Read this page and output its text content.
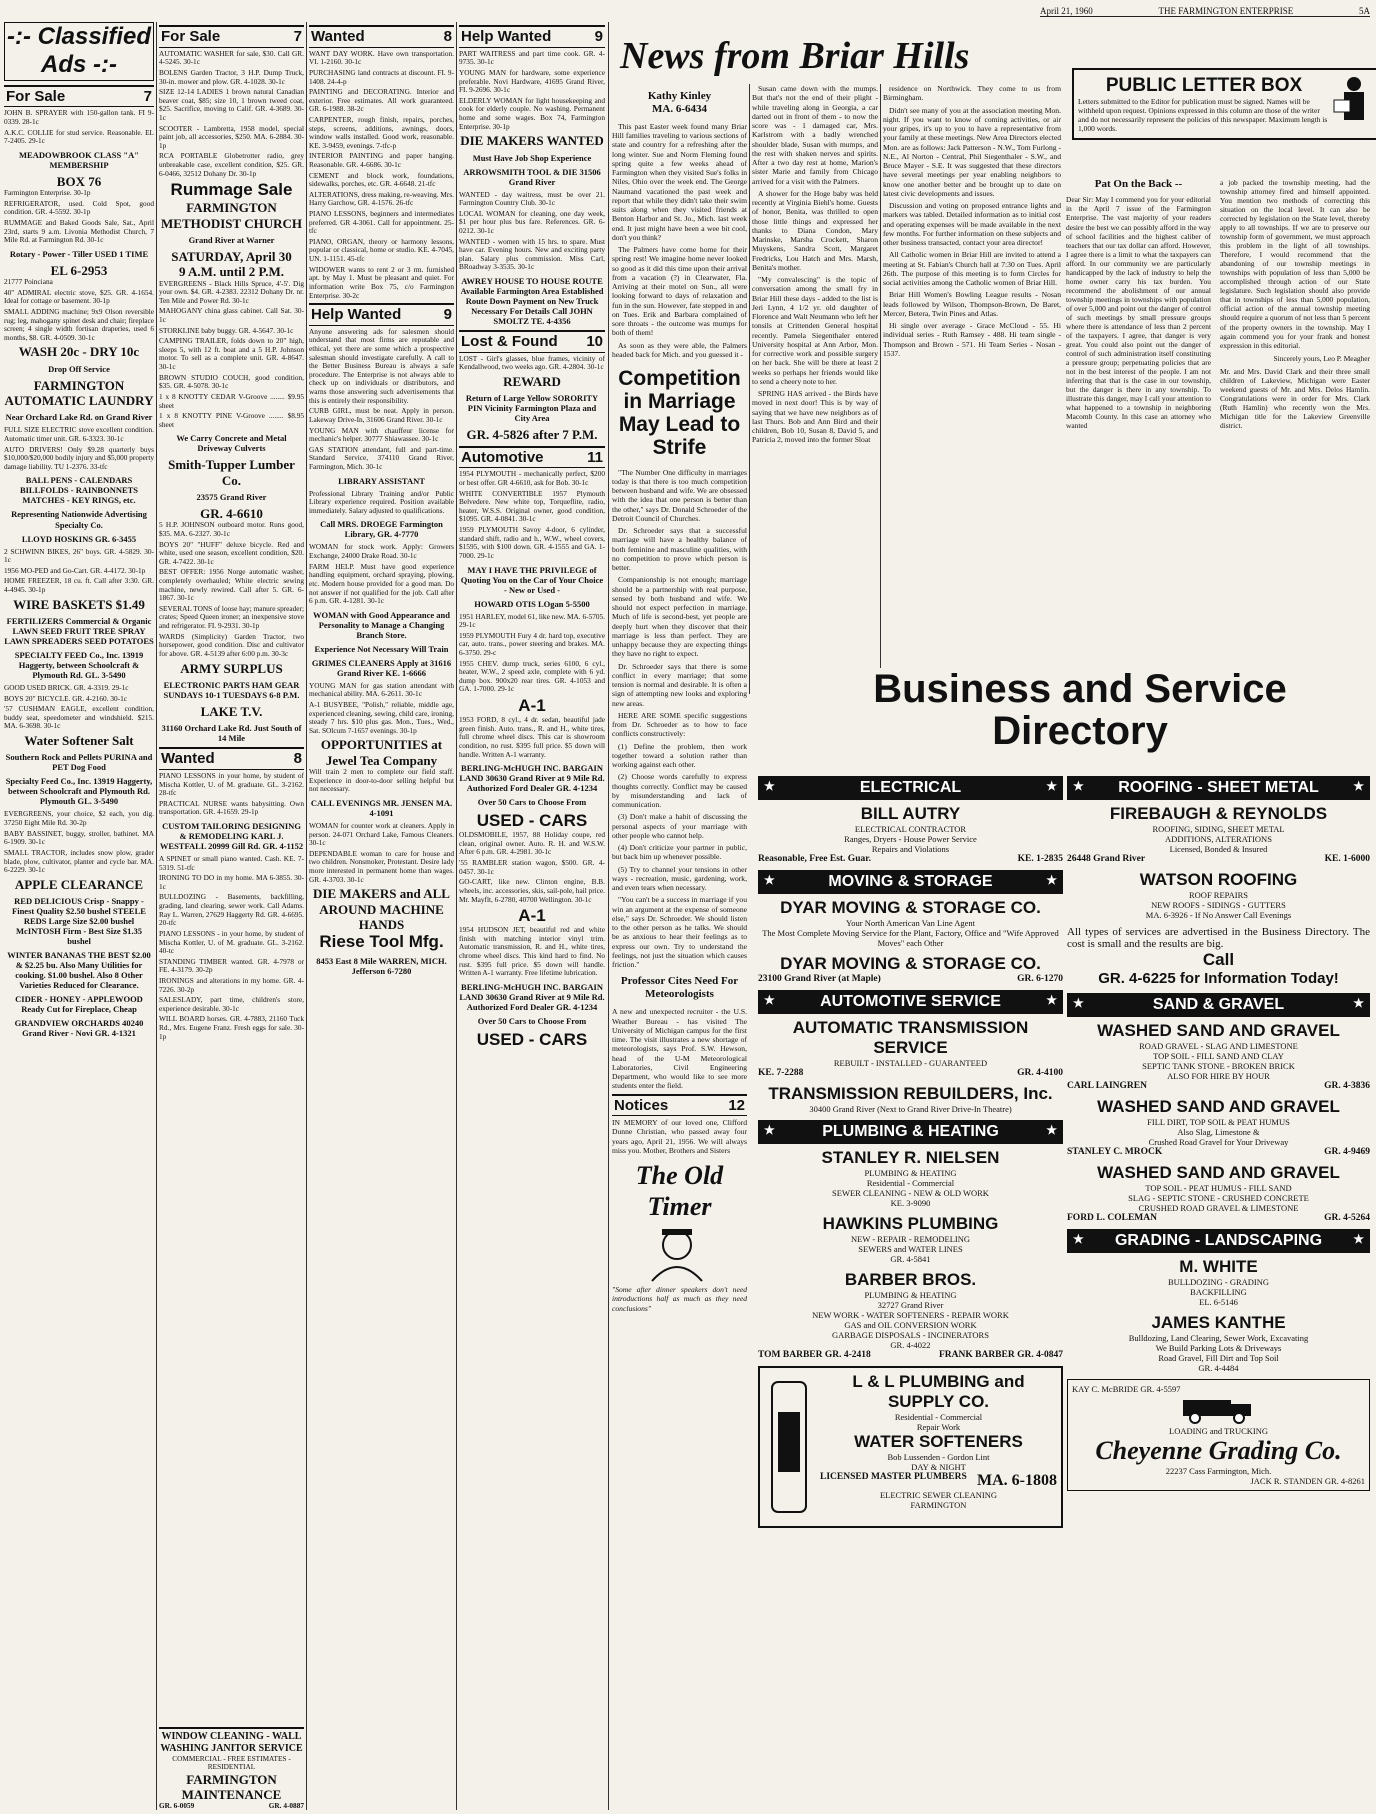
April 21, 1960	THE FARMINGTON ENTERPRISE	5A
-:- Classified Ads -:-
For Sale	7
JOHN B. SPRAYER with 150-gallon tank. FI 9-0339. 28-1c
A.K.C. COLLIE for stud service. Reasonable. EL 7-2405. 29-1c
MEADOWBROOK CLASS "A" MEMBERSHIP
BOX 76
Farmington Enterprise. 30-1p
REFRIGERATOR, used. Cold Spot, good condition. GR. 4-5592. 30-1p
RUMMAGE and Baked Goods Sale, Sat., April 23rd, starts 9 a.m. Livonia Methodist Church, 7 Mile Rd. at Farmington Rd. 30-1c
Rotary - Power - Tiller USED 1 TIME
EL 6-2953
21777 Poinciana
40" ADMIRAL electric stove, $25. GR. 4-1654. Ideal for cottage or basement. 30-1p
SMALL ADDING machine; 9x9 Olson reversible rug; leg, mahogany spinet desk and chair; fireplace screen; 4 single width fortisan draperies, used 6 months, $8. GR. 4-0509. 30-1c
WASH 20c - DRY 10c
Drop Off Service
FARMINGTON AUTOMATIC LAUNDRY
Near Orchard Lake Rd. on Grand River
FULL SIZE ELECTRIC stove excellent condition. Automatic timer unit. GR. 6-3323. 30-1c
AUTO DRIVERS! Only $9.28 quarterly buys $10,000/$20,000 bodily injury and $5,000 property damage liability. TU 1-2376. 33-tfc
BALL PENS - CALENDARS BILLFOLDS - RAINBONNETS MATCHES - KEY RINGS, etc.
Representing Nationwide Advertising Specialty Co.
LLOYD HOSKINS GR. 6-3455
2 SCHWINN BIKES, 26" boys. GR. 4-5829. 30-1c
1956 MO-PED and Go-Cart. GR. 4-4172. 30-1p
HOME FREEZER, 18 cu. ft. Call after 3:30. GR. 4-4945. 30-1p
WIRE BASKETS $1.49
FERTILIZERS Commercial & Organic LAWN SEED FRUIT TREE SPRAY LAWN SPREADERS SEED POTATOES
SPECIALTY FEED Co., Inc. 13919 Haggerty, between Schoolcraft & Plymouth Rd. GL. 3-5490
GOOD USED BRICK. GR. 4-3319. 29-1c
BOYS 20" BICYCLE. GR. 4-2160. 30-1c
'57 CUSHMAN EAGLE, excellent condition, buddy seat, speedometer and windshield. $215. MA. 6-3698. 30-1c
Water Softener Salt
Southern Rock and Pellets PURINA and PET Dog Food
Specialty Feed Co., Inc. 13919 Haggerty, between Schoolcraft and Plymouth Rd. Plymouth GL. 3-5490
EVERGREENS, your choice, $2 each, you dig. 37250 Eight Mile Rd. 30-2p
BABY BASSINET, buggy, stroller, bathinet. MA 6-1909. 30-1c
SMALL TRACTOR, includes snow plow, grader blade, plow, cultivator, planter and cycle bar. MA. 6-2229. 30-1c
APPLE CLEARANCE
RED DELICIOUS Crisp - Snappy - Finest Quality $2.50 bushel STEELE REDS Large Size $2.00 bushel McINTOSH Firm - Best Size $1.35 bushel
WINTER BANANAS THE BEST $2.00 & $2.25 bu. Also Many Utilities for cooking. $1.00 bushel. Also 8 Other Varieties Reduced for Clearance.
CIDER - HONEY - APPLEWOOD Ready Cut for Fireplace, Cheap
GRANDVIEW ORCHARDS 40240 Grand River - Novi GR. 4-1321
For Sale	7
AUTOMATIC WASHER for sale, $30. Call GR. 4-5245. 30-1c
BOLENS Garden Tractor, 3 H.P. Dump Truck, 30-in. mower and plow. GR. 4-1028. 30-1c
SIZE 12-14 LADIES 1 brown natural Canadian beaver coat, $85; size 10, 1 brown tweed coat, $25. Sacrifice, moving to Calif. GR. 4-3689. 30-1c
SCOOTER - Lambretta, 1958 model, special paint job, all accessories, $250. MA. 6-2884. 30-1p
RCA PORTABLE Globetrotter radio, grey unbreakable case, excellent condition, $25. GR. 6-0466, 32512 Dohany Dr. 30-1p
Rummage Sale
FARMINGTON METHODIST CHURCH
Grand River at Warner
SATURDAY, April 30
9 A.M. until 2 P.M.
EVERGREENS - Black Hills Spruce, 4'-5'. Dig your own. $4. GR. 4-2383. 22312 Dohany Dr. nr. Ten Mile and Power Rd. 30-1c
MAHOGANY china glass cabinet. Call Sat. 30-1c
STORKLINE baby buggy. GR. 4-5647. 30-1c
CAMPING TRAILER, folds down to 20" high, sleeps 5, with 12 ft. boat and a 5 H.P. Johnson motor. To sell as a complete unit. GR. 4-8647. 30-1c
BROWN STUDIO COUCH, good condition, $35. GR. 4-5078. 30-1c
1 x 8 KNOTTY CEDAR V-Groove ........ $9.95 sheet
1 x 8 KNOTTY PINE V-Groove ........ $8.95 sheet
We Carry Concrete and Metal Driveway Culverts
Smith-Tupper Lumber Co.
23575 Grand River
GR. 4-6610
5 H.P. JOHNSON outboard motor. Runs good, $35. MA. 6-2327. 30-1c
BOYS 20" "HUFF" deluxe bicycle. Red and white, used one season, excellent condition, $20. GR. 4-7422. 30-1c
BEST OFFER: 1956 Norge automatic washer, completely overhauled; White electric sewing machine, newly rewired. Call after 5. GR. 6-1867. 30-1c
SEVERAL TONS of loose hay; manure spreader; crates; Speed Queen ironer; an inexpensive stove and refrigerator. FI. 9-2931. 30-1p
WARDS (Simplicity) Garden Tractor, two horsepower, good condition. Disc and cultivator for above. GR. 4-5139 after 6:00 p.m. 30-3c
ARMY SURPLUS
ELECTRONIC PARTS HAM GEAR SUNDAYS 10-1 TUESDAYS 6-8 P.M.
LAKE T.V.
31160 Orchard Lake Rd. Just South of 14 Mile
Wanted	8
PIANO LESSONS in your home, by student of Mischa Kottler, U. of M. graduate. GL. 3-2162. 28-tfc
PRACTICAL NURSE wants babysitting. Own transportation. GR. 4-1659. 29-1p
CUSTOM TAILORING DESIGNING & REMODELING KARL J. WESTFALL 20999 Gill Rd. GR. 4-1152
A SPINET or small piano wanted. Cash. KE. 7-5319. 51-tfc
IRONING TO DO in my home. MA 6-3855. 30-1c
BULLDOZING - Basements, backfilling, grading, land clearing, sewer work. Call Adams. Ray L. Warren, 27629 Haggerty Rd. GR. 4-6695. 20-tfc
PIANO LESSONS - in your home, by student of Mischa Kottler, U. of M. graduate. GL. 3-2162. 40-tc
STANDING TIMBER wanted. GR. 4-7978 or FE. 4-3179. 30-2p
IRONINGS and alterations in my home. GR. 4-7226. 30-2p
SALESLADY, part time, children's store, experience desirable. 30-1c
WILL BOARD horses. GR. 4-7883, 21160 Tuck Rd., Mrs. Eugene Franz. Fresh eggs for sale. 30-1p
WINDOW CLEANING - WALL WASHING JANITOR SERVICE
COMMERCIAL - FREE ESTIMATES - RESIDENTIAL
FARMINGTON MAINTENANCE
GR. 6-0059	GR. 4-0887
Wanted	8
WANT DAY WORK. Have own transportation. VI. 1-2160. 30-1c
PURCHASING land contracts at discount. FI. 9-1408. 24-4-p
PAINTING and DECORATING. Interior and exterior. Free estimates. All work guaranteed. GR. 6-1988. 38-2c
CARPENTER, rough finish, repairs, porches, steps, screens, additions, awnings, doors, window walls installed. Good work, reasonable. KE. 3-9459, evenings. 7-tfc-p
INTERIOR PAINTING and paper hanging. Reasonable. GR. 4-6686. 30-1c
CEMENT and block work, foundations, sidewalks, porches, etc. GR. 4-6648. 21-tfc
ALTERATIONS, dress making, re-weaving. Mrs. Harry Garchow, GR. 4-1576. 26-tfc
PIANO LESSONS, beginners and intermediates preferred. GR 4-3061. Call for appointment. 25-tfc
PIANO, ORGAN, theory or harmony lessons, popular or classical, home or studio. KE. 4-7045, UN. 1-1151. 45-tfc
WIDOWER wants to rent 2 or 3 rm. furnished apt. by May 1. Must be pleasant and quiet. For information write Box 75, c/o Farmington Enterprise. 30-2c
Help Wanted	9
Anyone answering ads for salesmen should understand that most firms are reputable and ethical, yet there are some which a prospective salesman should investigate carefully. A call to the Better Business Bureau is always a safe procedure. The Enterprise is not always able to check up on individuals or distributors, and warns those answering such advertisements that this is entirely their responsibility.
CURB GIRL, must be neat. Apply in person. Lakeway Drive-In, 31606 Grand River. 30-1c
YOUNG MAN with chauffeur license for mechanic's helper. 30777 Shiawassee. 30-1c
GAS STATION attendant, full and part-time. Standard Service, 374110 Grand River, Farmington, Mich. 30-1c
LIBRARY ASSISTANT
Professional Library Training and/or Public Library experience required. Position available immediately. Salary adjusted to qualifications.
Call MRS. DROEGE Farmington Library, GR. 4-7770
WOMAN for stock work. Apply: Growers Exchange, 24000 Drake Road. 30-1c
FARM HELP. Must have good experience handling equipment, orchard spraying, plowing, etc. Modern house provided for a good man. Do not answer if not qualified for the job. Call after 6 p.m. GR. 4-1281. 30-1c
WOMAN with Good Appearance and Personality to Manage a Changing Branch Store.
Experience Not Necessary Will Train
GRIMES CLEANERS Apply at 31616 Grand River KE. 1-6666
YOUNG MAN for gas station attendant with mechanical ability. MA. 6-2611. 30-1c
A-1 BUSYBEE, "Polish," reliable, middle age, experienced cleaning, sewing, child care, ironing, steady 7 hrs. $10 plus gas. Mon., Tues., Wed., Sat. SOlcum 7-1657 evenings. 30-1p
OPPORTUNITIES at Jewel Tea Company
Will train 2 men to complete our field staff. Experience in door-to-door selling helpful but not necessary.
CALL EVENINGS MR. JENSEN MA. 4-1091
WOMAN for counter work at cleaners. Apply in person. 24-071 Orchard Lake, Famous Cleaners. 30-1c
DEPENDABLE woman to care for house and two children. Nonsmoker, Protestant. Desire lady more interested in permanent home than wages. GR. 4-3703. 30-1c
DIE MAKERS and ALL AROUND MACHINE HANDS
Riese Tool Mfg.
8453 East 8 Mile WARREN, MICH. Jefferson 6-7280
Help Wanted	9
PART WAITRESS and part time cook. GR. 4-9735. 30-1c
YOUNG MAN for hardware, some experience preferable. Novi Hardware, 41695 Grand River, FI. 9-2696. 30-1c
ELDERLY WOMAN for light housekeeping and cook for elderly couple. No washing. Permanent home and some wages. Box 74, Farmington Enterprise. 30-1p
DIE MAKERS WANTED
Must Have Job Shop Experience
ARROWSMITH TOOL & DIE 31506 Grand River
WANTED - day waitress, must be over 21. Farmington Country Club. 30-1c
LOCAL WOMAN for cleaning, one day week, $1 per hour plus bus fare. References. GR. 6-0212. 30-1c
WANTED - women with 15 hrs. to spare. Must have car. Evening hours. New and exciting party plan. Salary plus commission. Miss Carl, BRoadway 3-3535. 30-1c
AWREY HOUSE TO HOUSE ROUTE Available Farmington Area Established Route Down Payment on New Truck Necessary For Details Call JOHN SMOLTZ TE. 4-4356
Lost & Found 10
LOST - Girl's glasses, blue frames, vicinity of Kendallwood, two weeks ago. GR. 4-2804. 30-1c
REWARD
Return of Large Yellow SORORITY PIN Vicinity Farmington Plaza and City Area
GR. 4-5826 after 7 P.M.
Automotive	11
1954 PLYMOUTH - mechanically perfect, $200 or best offer. GR 4-6610, ask for Bob. 30-1c
WHITE CONVERTIBLE 1957 Plymouth Belvedere. New white top, Torqueflite, radio, heater, W.S.S. Original owner, good condition, $1095. GR. 4-0841. 30-1c
1959 PLYMOUTH Savoy 4-door, 6 cylinder, standard shift, radio and h., W.W., wheel covers, $1595, with $100 down. GR. 4-1555 and GA. 1-7000. 29-1c
MAY I HAVE THE PRIVILEGE of Quoting You on the Car of Your Choice - New or Used -
HOWARD OTIS LOgan 5-5500
1951 HARLEY, model 61, like new. MA. 6-5705. 29-1c
1959 PLYMOUTH Fury 4 dr. hard top, executive car, auto. trans., power steering and brakes. MA. 6-3750. 29-c
1955 CHEV. dump truck, series 6100, 6 cyl., heater, W.W., 2 speed axle, complete with 6 yd. dump box. 900x20 rear tires. GR. 4-1053 and GA. 1-7000. 29-1c
A-1
1953 FORD, 8 cyl., 4 dr. sedan, beautiful jade green finish. Auto. trans., R. and H., white tires, full chrome wheel discs. This car is showroom condition, no rust. $395 full price. $5 down will handle. Written A-1 warranty.
BERLING-McHUGH INC. BARGAIN LAND 30630 Grand River at 9 Mile Rd. Authorized Ford Dealer GR. 4-1234
Over 50 Cars to Choose From
USED - CARS
OLDSMOBILE, 1957, 88 Holiday coupe, red clean, original owner. Auto. R. H. and W.S.W. After 6 p.m. GR. 4-2981. 30-1c
'55 RAMBLER station wagon, $500. GR. 4-0457. 30-1c
GO-CART, like new. Clinton engine, B.B. wheels, inc. accessories, skis, sail-pole, hail price. Mr. Mayflt, 6-2780, 40700 Wellington. 30-1c
A-1
1954 HUDSON JET, beautiful red and white finish with matching interior vinyl trim. Automatic transmission, R. and H., white tires, chrome wheel discs. This kind hard to find. No rust. $395 full price. $5 down will handle. Written A-1 warranty. Free lifetime lubrication.
BERLING-McHUGH INC. BARGAIN LAND 30630 Grand River at 9 Mile Rd. Authorized Ford Dealer GR. 4-1234
Over 50 Cars to Choose From
USED - CARS
News from Briar Hills
Kathy Kinley
MA. 6-6434

This past Easter week found many Briar Hill families traveling to various sections of state and country for a refreshing after the long winter. Sue and Norm Fleming found spring quite a few weeks ahead of Farmington when they visited Sue's folks in Niles, Ohio over the week end. The George Naumand vacationed the past week and report that while they didn't take their swim suits along when they visited friends at Benton Harbor and St. Jo., Mich. last week end. It just might have been a wee bit cool, don't you think?

The Palmers have come home for their spring rest! We imagine home never looked so good as it did this time upon their arrival from a vacation (?) in Clearwater, Fla. Arriving at their motel on Sun., all were looking forward to days of relaxation and fun in the sun. However, fate stepped in and on Tues. Erik and Barbara complained of sore throats - the outcome was mumps for both of them!

As soon as they were able, the Palmers headed back for Mich. and you guessed it -

Competition in Marriage May Lead to Strife

"The Number One difficulty in marriages today is that there is too much competition between husband and wife. We are obsessed with the idea that one person is better than the other," says Dr. Donald Schroeder of the Detroit Council of Churches.

Dr. Schroeder says that a successful marriage will have a healthy balance of both feminine and masculine qualities, with no competition to prove which person is better.

Companionship is not enough; marriage should be a partnership with real purpose, sensed by both husband and wife. We should not expect perfection in marriage. Much of life is second-best, yet people are deeply hurt when they discover that their marriage is less than perfect. They are unhappy because they are expecting things they have no right to expect.

Dr. Schroeder says that there is some conflict in every marriage; that some tension is normal and desirable. It is often a sign of attempting new looks and exploring new areas.

HERE ARE SOME specific suggestions from Dr. Schroeder as to how to face conflicts constructively:

(1) Define the problem, then work together toward a solution rather than working against each other.

(2) Choose words carefully to express thoughts correctly. Conflict may be caused by misunderstanding and lack of communication.

(3) Don't make a habit of discussing the personal aspects of your marriage with other people who cannot help.

(4) Don't criticize your partner in public, but back him up whenever possible.

(5) Try to channel your tensions in other ways - recreation, music, gardening, work, and even tears when necessary.

"You can't be a success in marriage if you win an argument at the expense of someone else," says Dr. Schroeder. We should listen to the other person as he talks. We should be as anxious to hear their feelings as to express our own. Try to understand the feelings, not just the situation which causes friction."

Professor Cites Need For Meteorologists
A new and unexpected recruiter - the U.S. Weather Bureau - has visited The University of Michigan campus for the first time. The visit illustrates a new shortage of meteorologists, says Prof. S.W. Hewson, head of the U-M Meteorological Laboratories, Civil Engineering Department, who would like to see more students enter the field.
Notices	12
IN MEMORY of our loved one, Clifford Dunne Christian, who passed away four years ago, April 21, 1956. We will always miss you. Mother, Brothers and Sisters
The Old Timer
"Some after dinner speakers don't need introductions half as much as they need conclusions"

Susan came down with the mumps. But that's not the end of their plight - while traveling along in Georgia, a car darted out in front of them - to now the score was - 1 damaged car, Mrs. Karlstrom with a badly wrenched shoulder blade, Susan with mumps, and the rest with shaken nerves and spirits. After a two day rest at home, Marion's sister Marie and family from Chicago arrived for a visit with the Palmers.

A shower for the Hoge baby was held recently at Virginia Biehl's home. Guests of honor, Benita, was thrilled to open those little things and expressed her thanks to Diana Condon, Mary Marinske, Marsha Crockett, Sharon Muyskens, Sandra Scott, Margaret Fredricks, Lou Hatch and Mrs. Marsh, Benita's mother.

"My convalescing" is the topic of conversation among the small fry in Briar Hill these days - added to the list is Jeri Lynn, 4 1/2 yr. old daughter of Florence and Walt Neumann who left her tonsils at Crittenden General hospital recently. Pamela Siegenthaler entered University hospital at Ann Arbor, Mon. for corrective work and possible surgery on her back. She will be there at least 2 weeks so perhaps her friends would like to send a cheery note to her.

SPRING HAS arrived - the Birds have moved in next door! This is by way of saying that we have new neighbors as of last Thurs. Bob and Ann Bird and their children, Bob 10, Susan 8, David 5, and Patricia 2, moved into the former Sloat

residence on Northwick. They come to us from Birmingham.

Didn't see many of you at the association meeting Mon. night. If you want to know of coming activities, or air your gripes, it's up to you to have a representative from your family at these meetings. New Area Directors elected Mon. are as follows: Jack Patterson - N.W., Tom Furlong - N.E., Al Norton - Central, Phil Siegenthaler - S.W., and Bruce Mayer - S.E. It was suggested that these directors have several meetings per year enabling neighbors to know one another better and be brought up to date on latest civic developments and issues.

Discussion and voting on proposed entrance lights and markers was tabled. Detailed information as to initial cost and operating expenses will be made available in the next few months. For further information on these subjects and other business transacted, contact your area director!

All Catholic women in Briar Hill are invited to attend a meeting at St. Fabian's Church hall at 7:30 on Tues. April 26th. The purpose of this meeting is to form Circles for social activities among the Catholic women of Briar Hill.

Briar Hill Women's Bowling League results - Nosan leads followed by Wilson, Thompson-Brown, De Baret, Mercer, Betera, Twin Pines and Atlas.

Hi single over average - Grace McCloud - 55. Hi individual series - Ruth Ramsey - 488. Hi team single - Thompson and Brown - 571. Hi Team Series - Nosan - 1537.

PUBLIC LETTER BOX
Letters submitted to the Editor for publication must be signed. Names will be withheld upon request. Opinions expressed in this column are those of the writer and do not necessarily represent the policies of this newspaper. Maximum length is 1,000 words.
Pat On the Back --
Dear Sir: May I commend you for your editorial in the April 7 issue of the Farmington Enterprise. The vast majority of your readers desire the best we can possibly afford in the way of school facilities and the highest caliber of teachers that our tax dollar can afford. However, I agree there is a limit to what the taxpayers can afford. In our community we are particularly handicapped by the lack of industry to help the home owner carry his tax burden. You recommend the abolishment of our annual township meetings in townships with population of over 5,000 and point out the danger of control of such meetings by small pressure groups where there is attendance of less than 2 percent of the taxpayers. I agree, that danger is very great. You could also point out the danger of control of such administration itself constituting a pressure group; perpetuating policies that are not in the best interest of the people. I am not inferring that that is the case in our township, but the danger is there in any township. To illustrate this danger, may I call your attention to what happened to a township in neighboring Macomb County. In this case an attorney who wanted
a job packed the township meeting, had the township attorney fired and himself appointed. You mention two methods of correcting this situation on the local level. It can also be corrected by legislation on the State level, thereby apply to all townships. If we are to preserve our township form of government, we must approach this problem in the light of all townships. Therefore, I would recommend that the abandoning of our township meetings in townships with population of less than 5,000 be accomplished through action of our State legislature. Such legislation should also provide that in townships of less than 5,000 population, official action of the annual township meeting should require a quorum of not less than 5 percent of the property owners in the township. May I again commend you for your frank and honest expression in this editorial.
Sincerely yours, Leo P. Meagher
Mr. and Mrs. David Clark and their three small children of Lakeview, Michigan were Easter weekend guests of Mr. and Mrs. Delos Hamlin. Congratulations were in order for Mrs. Clark (Ruth Hamlin) who recently won the Mrs. Michigan title for the Lakeview Greenville district.
Business and Service
Directory
★	ELECTRICAL	★
BILL AUTRY
ELECTRICAL CONTRACTOR
Ranges, Dryers - House Power Service
Repairs and Violations
Reasonable, Free Est. Guar.	KE. 1-2835
★	MOVING & STORAGE	★
DYAR MOVING & STORAGE CO.
Your North American Van Line Agent
The Most Complete Moving Service for the Plant, Factory, Office and "Wife Approved Moves" each Other
DYAR MOVING & STORAGE CO.
23100 Grand River (at Maple)	GR. 6-1270
★	AUTOMOTIVE SERVICE	★
AUTOMATIC TRANSMISSION SERVICE
REBUILT - INSTALLED - GUARANTEED
KE. 7-2288	GR. 4-4100
TRANSMISSION REBUILDERS, Inc.
30400 Grand River (Next to Grand River Drive-In Theatre)
★	PLUMBING & HEATING	★
STANLEY R. NIELSEN
PLUMBING & HEATING
Residential - Commercial
SEWER CLEANING - NEW & OLD WORK
KE. 3-9090
HAWKINS PLUMBING
NEW - REPAIR - REMODELING
SEWERS and WATER LINES
GR. 4-5841
BARBER BROS.
PLUMBING & HEATING
32727 Grand River
NEW WORK - WATER SOFTENERS - REPAIR WORK
GAS and OIL CONVERSION WORK
GARBAGE DISPOSALS - INCINERATORS
GR. 4-4022
TOM BARBER GR. 4-2418	FRANK BARBER GR. 4-0847
L & L PLUMBING and SUPPLY CO.
Residential - Commercial
Repair Work
WATER SOFTENERS
Bob Lussenden - Gordon Lint
DAY & NIGHT
LICENSED MASTER PLUMBERS MA. 6-1808
ELECTRIC SEWER CLEANING
FARMINGTON
★ ROOFING - SHEET METAL	★
FIREBAUGH & REYNOLDS
ROOFING, SIDING, SHEET METAL
ADDITIONS, ALTERATIONS
Licensed, Bonded & Insured
26448 Grand River	KE. 1-6000
WATSON ROOFING
ROOF REPAIRS
NEW ROOFS - SIDINGS - GUTTERS
MA. 6-3926 - If No Answer Call Evenings
All types of services are advertised in the Business Directory. The cost is small and the results are big.
Call
GR. 4-6225 for Information Today!
★	SAND & GRAVEL	★
WASHED SAND AND GRAVEL
ROAD GRAVEL - SLAG AND LIMESTONE
TOP SOIL - FILL SAND AND CLAY
SEPTIC TANK STONE - BROKEN BRICK
ALSO FOR HIRE BY HOUR
CARL LAINGREN	GR. 4-3836
WASHED SAND AND GRAVEL
FILL DIRT, TOP SOIL & PEAT HUMUS
Also Slag, Limestone &
Crushed Road Gravel for Your Driveway
STANLEY C. MROCK	GR. 4-9469
WASHED SAND AND GRAVEL
TOP SOIL - PEAT HUMUS - FILL SAND
SLAG - SEPTIC STONE - CRUSHED CONCRETE
CRUSHED ROAD GRAVEL & LIMESTONE
FORD L. COLEMAN	GR. 4-5264
★ GRADING - LANDSCAPING	★
M. WHITE
BULLDOZING - GRADING
BACKFILLING
EL. 6-5146
JAMES KANTHE
Bulldozing, Land Clearing, Sewer Work, Excavating
We Build Parking Lots & Driveways
Road Gravel, Fill Dirt and Top Soil
GR. 4-4484
KAY C. McBRIDE GR. 4-5597
LOADING and TRUCKING
Cheyenne Grading Co.
22237 Cass Farmington, Mich.
JACK R. STANDEN GR. 4-8261
